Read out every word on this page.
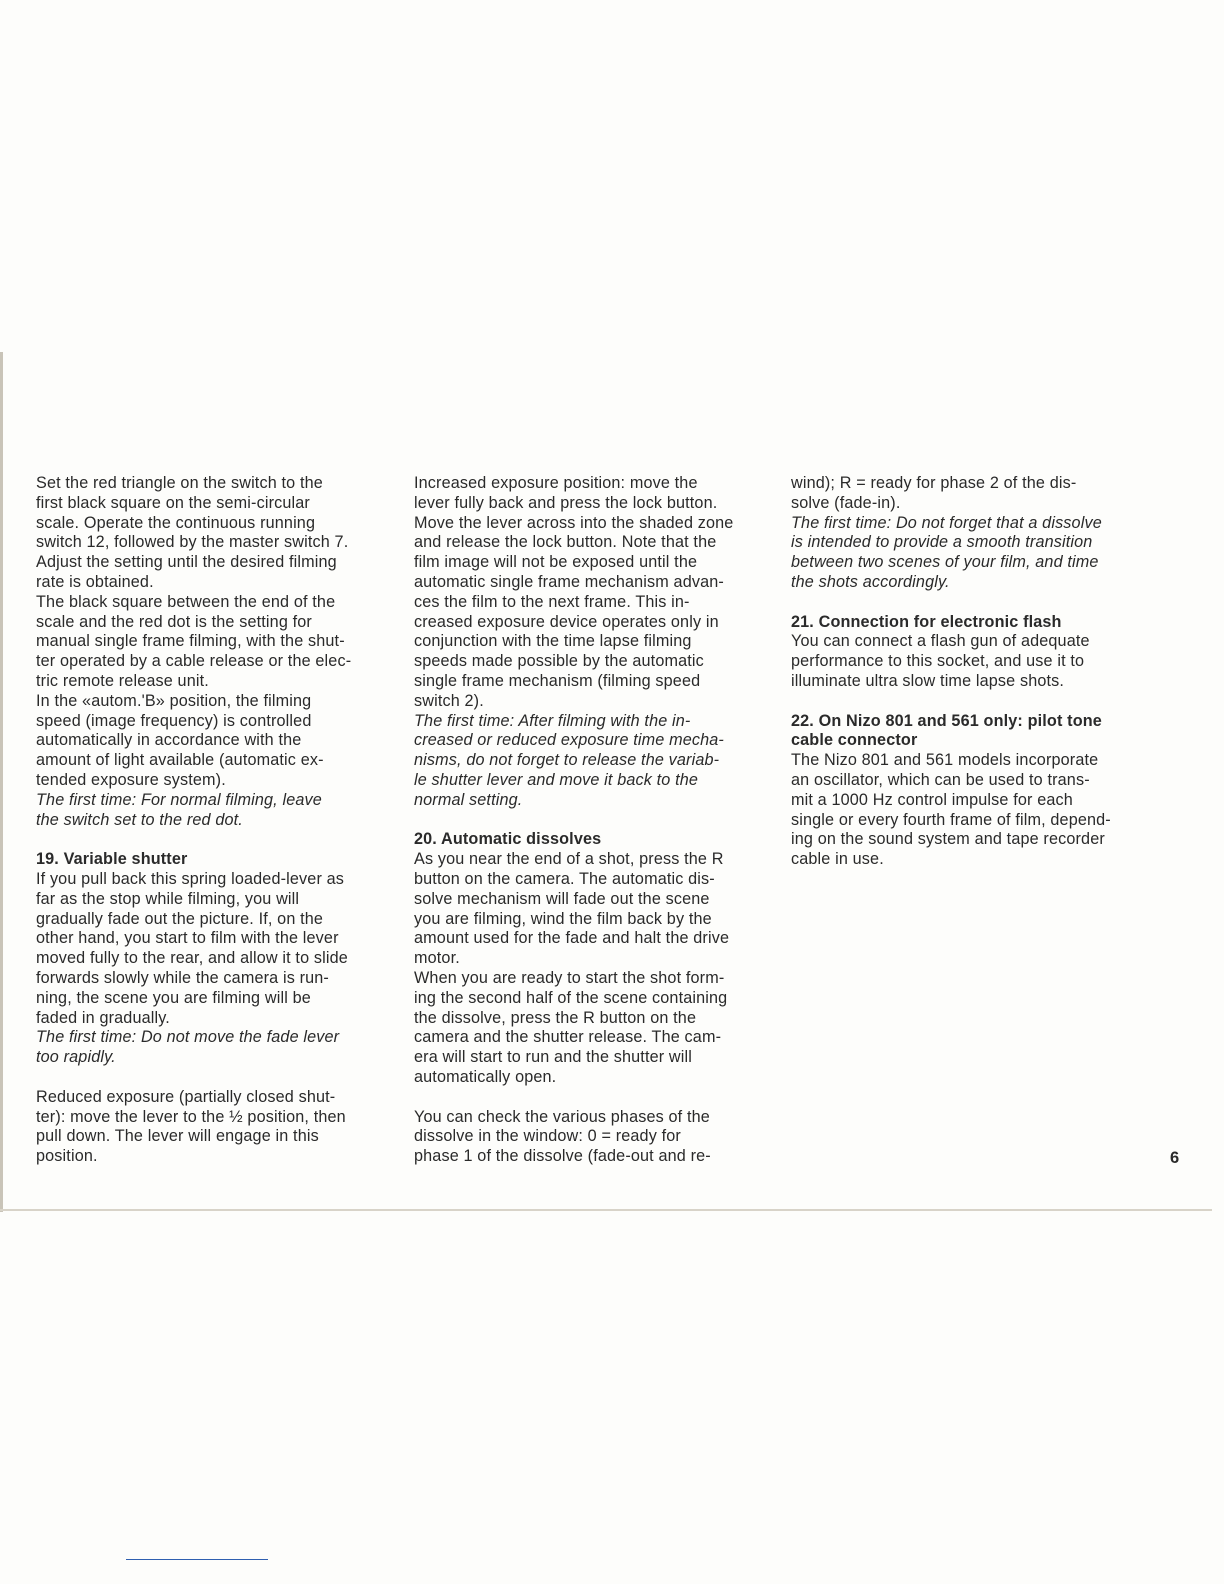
Set the red triangle on the switch to the
first black square on the semi-circular
scale. Operate the continuous running
switch 12, followed by the master switch 7.
Adjust the setting until the desired filming
rate is obtained.

The black square between the end of the
scale and the red dot is the setting for
manual single frame filming, with the shut-
ter operated by a cable release or the elec-
tric remote release unit.

In the «autom.'B» position, the filming
speed (image frequency) is controlled
automatically in accordance with the
amount of light available (automatic ex-
tended exposure system).

The first time: For normal filming, leave
the switch set to the red dot.

19. Variable shutter

If you pull back this spring loaded-lever as
far as the stop while filming, you will
gradually fade out the picture. If, on the
other hand, you start to film with the lever
moved fully to the rear, and allow it to slide
forwards slowly while the camera is run-
ning, the scene you are filming will be
faded in gradually.

The first time: Do not move the fade lever
too rapidly.

Reduced exposure (partially closed shut-
ter): move the lever to the ½ position, then
pull down. The lever will engage in this
position.

Increased exposure position: move the
lever fully back and press the lock button.
Move the lever across into the shaded zone
and release the lock button. Note that the
film image will not be exposed until the
automatic single frame mechanism advan-
ces the film to the next frame. This in-
creased exposure device operates only in
conjunction with the time lapse filming
speeds made possible by the automatic
single frame mechanism (filming speed
switch 2).

The first time: After filming with the in-
creased or reduced exposure time mecha-
nisms, do not forget to release the variab-
le shutter lever and move it back to the
normal setting.

20. Automatic dissolves

As you near the end of a shot, press the R
button on the camera. The automatic dis-
solve mechanism will fade out the scene
you are filming, wind the film back by the
amount used for the fade and halt the drive
motor.

When you are ready to start the shot form-
ing the second half of the scene containing
the dissolve, press the R button on the
camera and the shutter release. The cam-
era will start to run and the shutter will
automatically open.

You can check the various phases of the
dissolve in the window: 0 = ready for
phase 1 of the dissolve (fade-out and re-

wind); R = ready for phase 2 of the dis-
solve (fade-in).

The first time: Do not forget that a dissolve
is intended to provide a smooth transition
between two scenes of your film, and time
the shots accordingly.

21. Connection for electronic flash

You can connect a flash gun of adequate
performance to this socket, and use it to
illuminate ultra slow time lapse shots.

22. On Nizo 801 and 561 only: pilot tone
cable connector

The Nizo 801 and 561 models incorporate
an oscillator, which can be used to trans-
mit a 1000 Hz control impulse for each
single or every fourth frame of film, depend-
ing on the sound system and tape recorder
cable in use.

6
